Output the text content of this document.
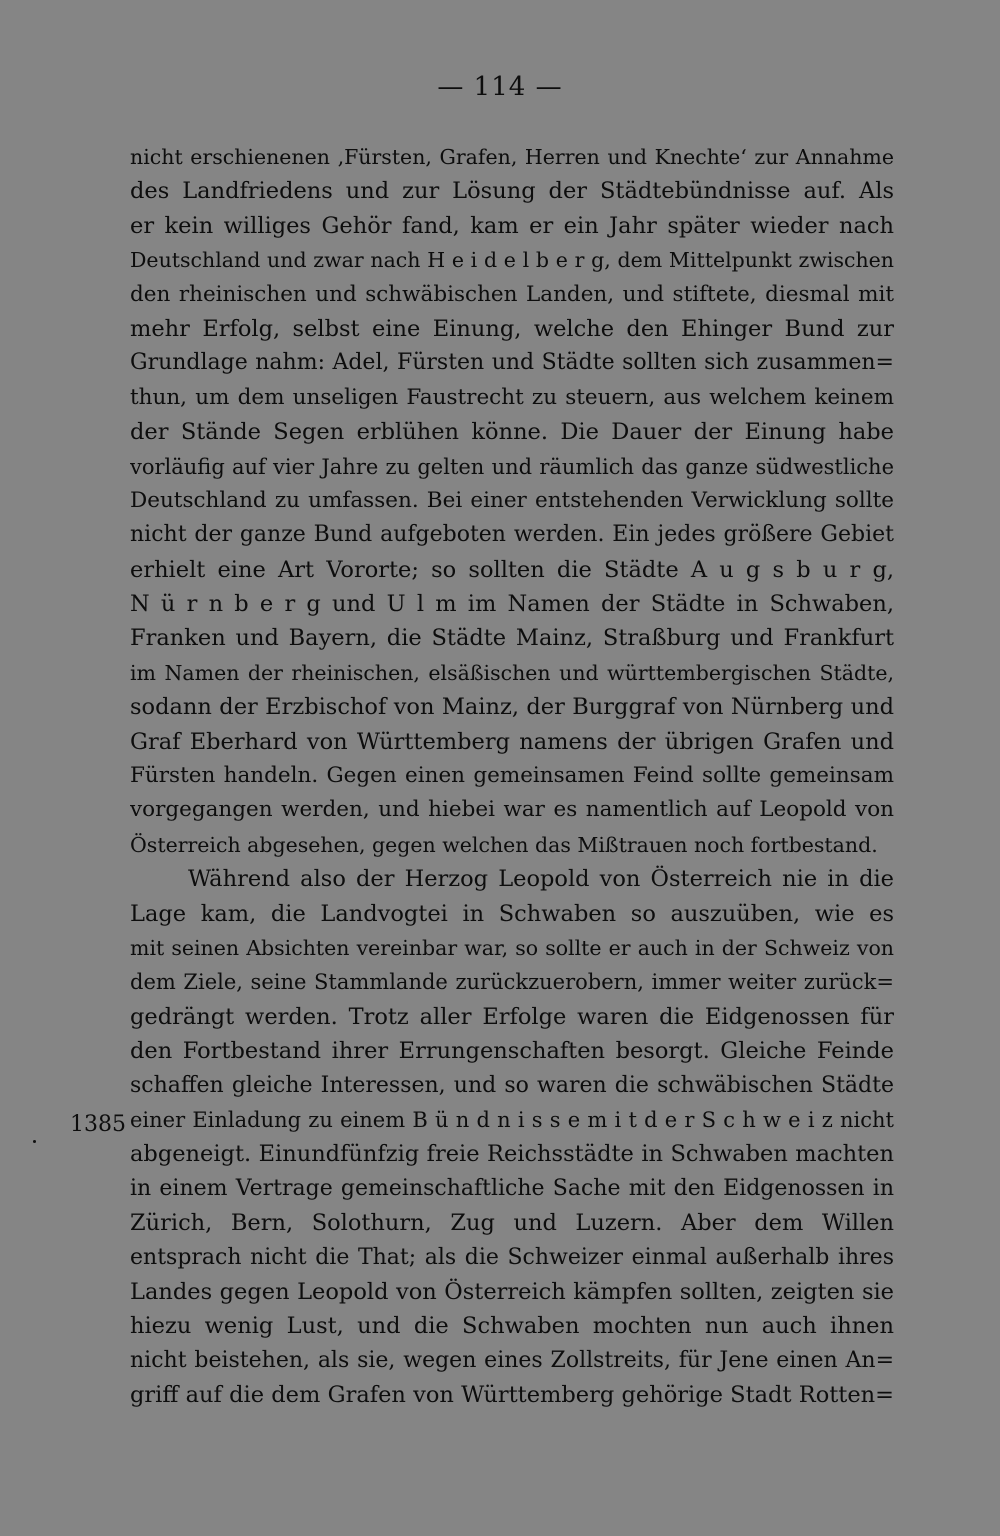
— 114 —
nicht erschienenen ‚Fürsten, Grafen, Herren und Knechte‘ zur Annahme
des Landfriedens und zur Lösung der Städtebündnisse auf. Als
er kein williges Gehör fand, kam er ein Jahr später wieder nach
Deutschland und zwar nach H e i d e l b e r g, dem Mittelpunkt zwischen
den rheinischen und schwäbischen Landen, und stiftete, diesmal mit
mehr Erfolg, selbst eine Einung, welche den Ehinger Bund zur
Grundlage nahm: Adel, Fürsten und Städte sollten sich zusammen=
thun, um dem unseligen Faustrecht zu steuern, aus welchem keinem
der Stände Segen erblühen könne. Die Dauer der Einung habe
vorläufig auf vier Jahre zu gelten und räumlich das ganze südwestliche
Deutschland zu umfassen. Bei einer entstehenden Verwicklung sollte
nicht der ganze Bund aufgeboten werden. Ein jedes größere Gebiet
erhielt eine Art Vororte; so sollten die Städte A u g s b u r g,
N ü r n b e r g und U l m im Namen der Städte in Schwaben,
Franken und Bayern, die Städte Mainz, Straßburg und Frankfurt
im Namen der rheinischen, elsäßischen und württembergischen Städte,
sodann der Erzbischof von Mainz, der Burggraf von Nürnberg und
Graf Eberhard von Württemberg namens der übrigen Grafen und
Fürsten handeln. Gegen einen gemeinsamen Feind sollte gemeinsam
vorgegangen werden, und hiebei war es namentlich auf Leopold von
Österreich abgesehen, gegen welchen das Mißtrauen noch fortbestand.
Während also der Herzog Leopold von Österreich nie in die
Lage kam, die Landvogtei in Schwaben so auszuüben, wie es
mit seinen Absichten vereinbar war, so sollte er auch in der Schweiz von
dem Ziele, seine Stammlande zurückzuerobern, immer weiter zurück=
gedrängt werden. Trotz aller Erfolge waren die Eidgenossen für
den Fortbestand ihrer Errungenschaften besorgt. Gleiche Feinde
schaffen gleiche Interessen, und so waren die schwäbischen Städte
einer Einladung zu einem B ü n d n i s s e m i t d e r S c h w e i z nicht
abgeneigt. Einundfünfzig freie Reichsstädte in Schwaben machten
in einem Vertrage gemeinschaftliche Sache mit den Eidgenossen in
Zürich, Bern, Solothurn, Zug und Luzern. Aber dem Willen
entsprach nicht die That; als die Schweizer einmal außerhalb ihres
Landes gegen Leopold von Österreich kämpfen sollten, zeigten sie
hiezu wenig Lust, und die Schwaben mochten nun auch ihnen
nicht beistehen, als sie, wegen eines Zollstreits, für Jene einen An=
griff auf die dem Grafen von Württemberg gehörige Stadt Rotten=
1385
